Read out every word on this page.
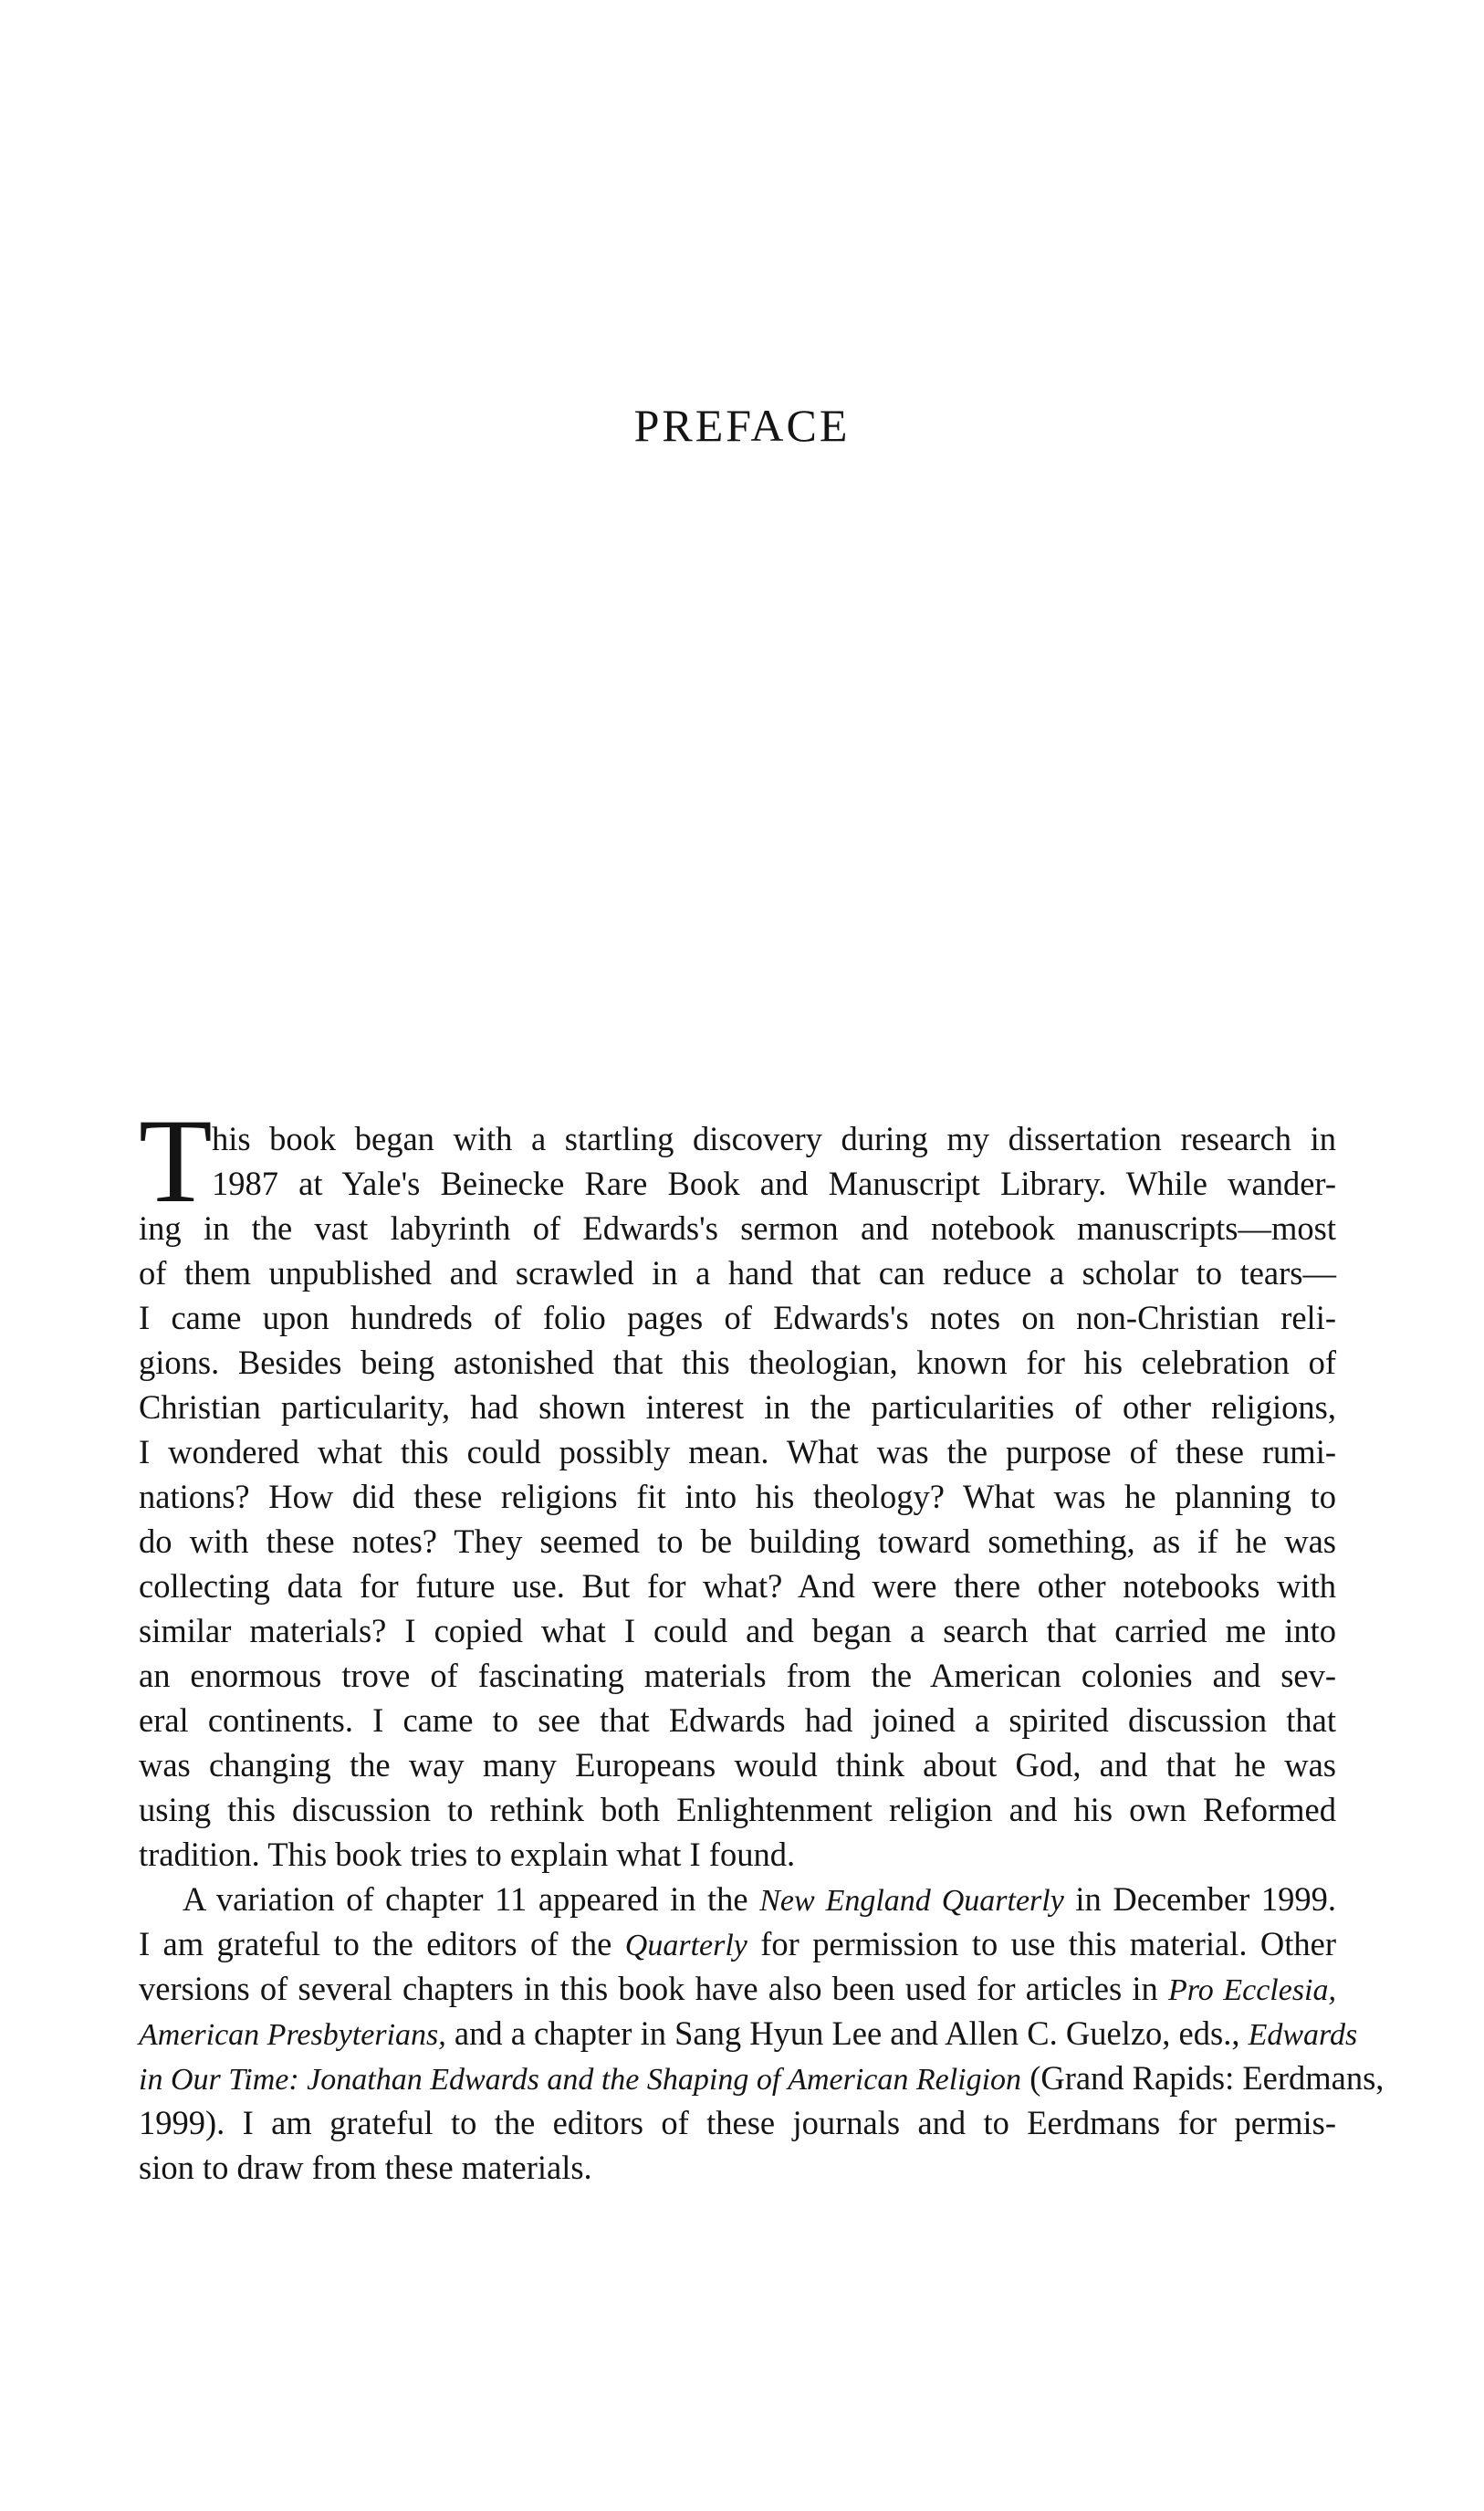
PREFACE
T his book began with a startling discovery during my dissertation research in
1987 at Yale's Beinecke Rare Book and Manuscript Library. While wander-
ing in the vast labyrinth of Edwards's sermon and notebook manuscripts—most
of them unpublished and scrawled in a hand that can reduce a scholar to tears—
I came upon hundreds of folio pages of Edwards's notes on non-Christian reli-
gions. Besides being astonished that this theologian, known for his celebration of
Christian particularity, had shown interest in the particularities of other religions,
I wondered what this could possibly mean. What was the purpose of these rumi-
nations? How did these religions fit into his theology? What was he planning to
do with these notes? They seemed to be building toward something, as if he was
collecting data for future use. But for what? And were there other notebooks with
similar materials? I copied what I could and began a search that carried me into
an enormous trove of fascinating materials from the American colonies and sev-
eral continents. I came to see that Edwards had joined a spirited discussion that
was changing the way many Europeans would think about God, and that he was
using this discussion to rethink both Enlightenment religion and his own Reformed
tradition. This book tries to explain what I found.
A variation of chapter 11 appeared in the New England Quarterly in December 1999.
I am grateful to the editors of the Quarterly for permission to use this material. Other
versions of several chapters in this book have also been used for articles in Pro Ecclesia,
American Presbyterians, and a chapter in Sang Hyun Lee and Allen C. Guelzo, eds., Edwards
in Our Time: Jonathan Edwards and the Shaping of American Religion (Grand Rapids: Eerdmans,
1999). I am grateful to the editors of these journals and to Eerdmans for permis-
sion to draw from these materials.
